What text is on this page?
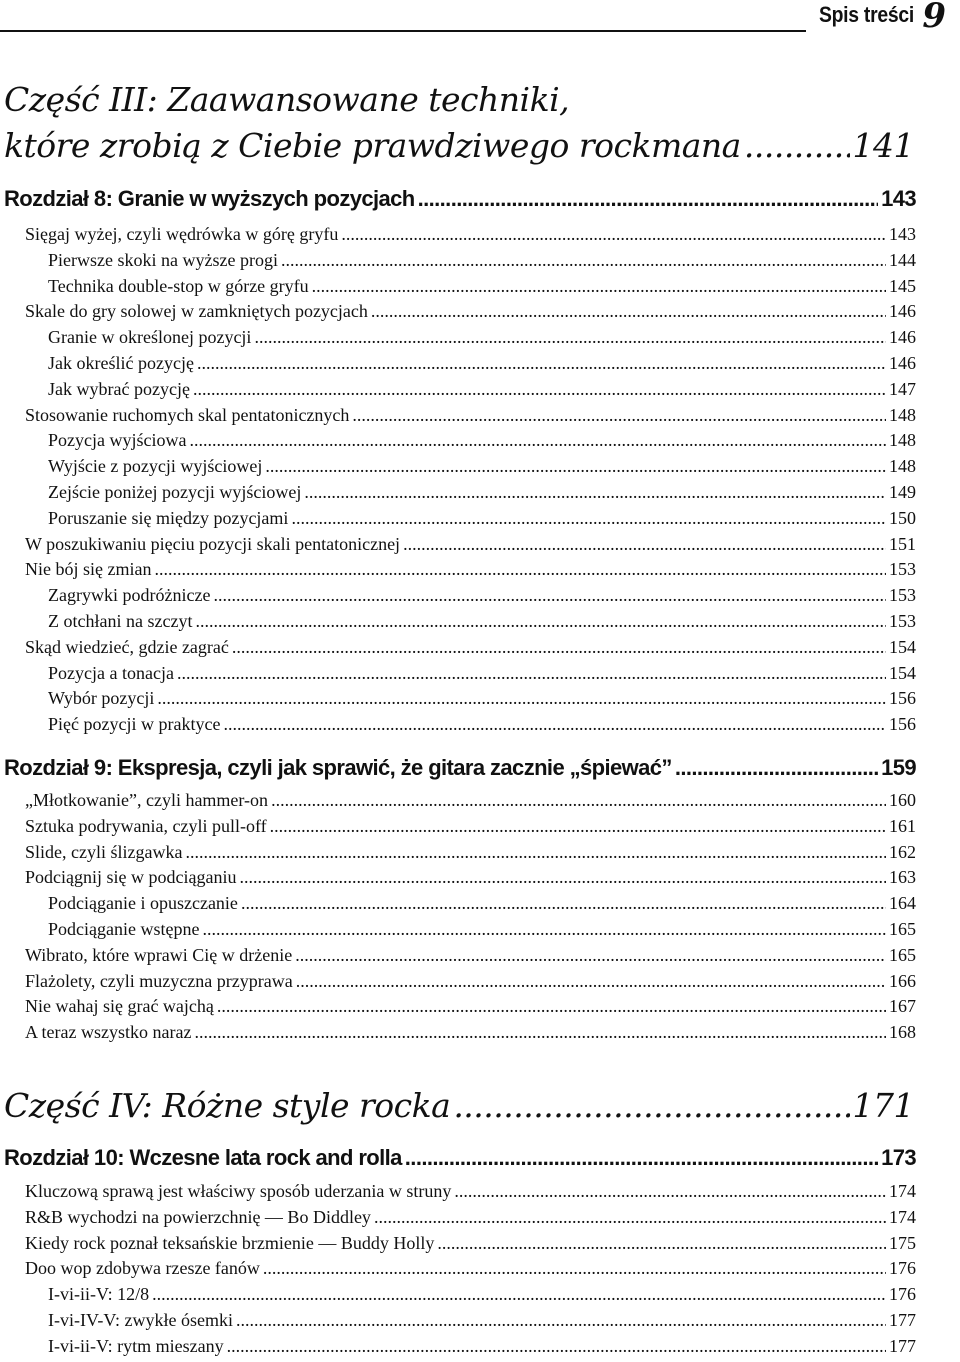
Spis treści 9
Część III: Zaawansowane techniki,
które zrobią z Ciebie prawdziwego rockmana .....	141
Rozdział 8: Granie w wyższych pozycjach .....	143
Sięgaj wyżej, czyli wędrówka w górę gryfu .....	143
Pierwsze skoki na wyższe progi .....	144
Technika double-stop w górze gryfu .....	145
Skale do gry solowej w zamkniętych pozycjach .....	146
Granie w określonej pozycji .....	146
Jak określić pozycję .....	146
Jak wybrać pozycję .....	147
Stosowanie ruchomych skal pentatonicznych .....	148
Pozycja wyjściowa .....	148
Wyjście z pozycji wyjściowej .....	148
Zejście poniżej pozycji wyjściowej .....	149
Poruszanie się między pozycjami .....	150
W poszukiwaniu pięciu pozycji skali pentatonicznej .....	151
Nie bój się zmian .....	153
Zagrywki podróżnicze .....	153
Z otchłani na szczyt .....	153
Skąd wiedzieć, gdzie zagrać .....	154
Pozycja a tonacja .....	154
Wybór pozycji .....	156
Pięć pozycji w praktyce .....	156
Rozdział 9: Ekspresja, czyli jak sprawić, że gitara zacznie „śpiewać” .....	159
„Młotkowanie”, czyli hammer-on .....	160
Sztuka podrywania, czyli pull-off .....	161
Slide, czyli ślizgawka .....	162
Podciągnij się w podciąganiu .....	163
Podciąganie i opuszczanie .....	164
Podciąganie wstępne .....	165
Wibrato, które wprawi Cię w drżenie .....	165
Flażolety, czyli muzyczna przyprawa .....	166
Nie wahaj się grać wajchą .....	167
A teraz wszystko naraz .....	168
Część IV: Różne style rocka .....	171
Rozdział 10: Wczesne lata rock and rolla .....	173
Kluczową sprawą jest właściwy sposób uderzania w struny .....	174
R&B wychodzi na powierzchnię — Bo Diddley .....	174
Kiedy rock poznał teksańskie brzmienie — Buddy Holly .....	175
Doo wop zdobywa rzesze fanów .....	176
I-vi-ii-V: 12/8 .....	176
I-vi-IV-V: zwykłe ósemki .....	177
I-vi-ii-V: rytm mieszany .....	177
